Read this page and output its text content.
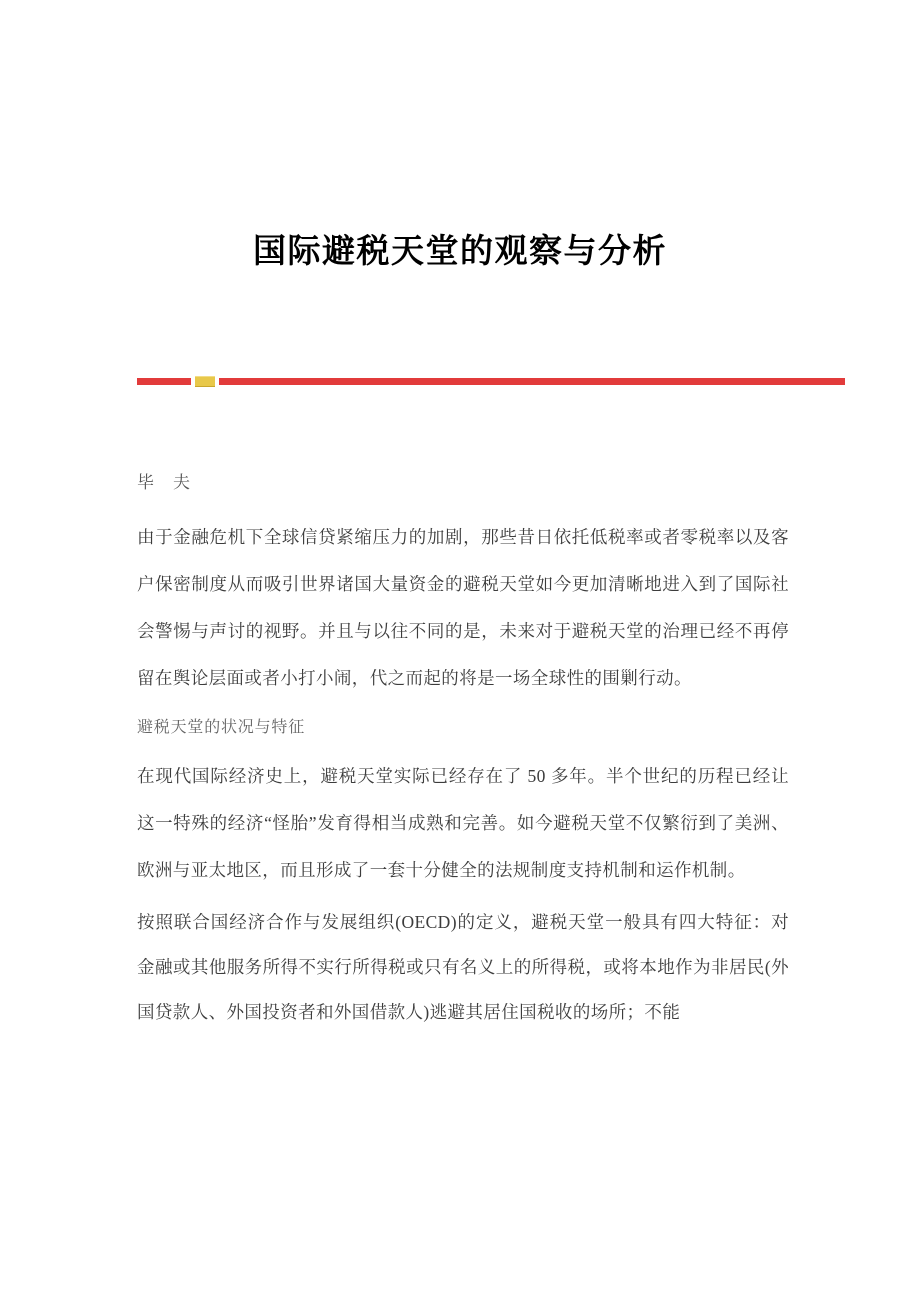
国际避税天堂的观察与分析

毕　夫

由于金融危机下全球信贷紧缩压力的加剧，那些昔日依托低税率或者零税率以及客户保密制度从而吸引世界诸国大量资金的避税天堂如今更加清晰地进入到了国际社会警惕与声讨的视野。并且与以往不同的是，未来对于避税天堂的治理已经不再停留在舆论层面或者小打小闹，代之而起的将是一场全球性的围剿行动。

避税天堂的状况与特征

在现代国际经济史上，避税天堂实际已经存在了 50 多年。半个世纪的历程已经让这一特殊的经济“怪胎”发育得相当成熟和完善。如今避税天堂不仅繁衍到了美洲、欧洲与亚太地区，而且形成了一套十分健全的法规制度支持机制和运作机制。

按照联合国经济合作与发展组织(OECD)的定义，避税天堂一般具有四大特征：对金融或其他服务所得不实行所得税或只有名义上的所得税，或将本地作为非居民(外国贷款人、外国投资者和外国借款人)逃避其居住国税收的场所；不能
